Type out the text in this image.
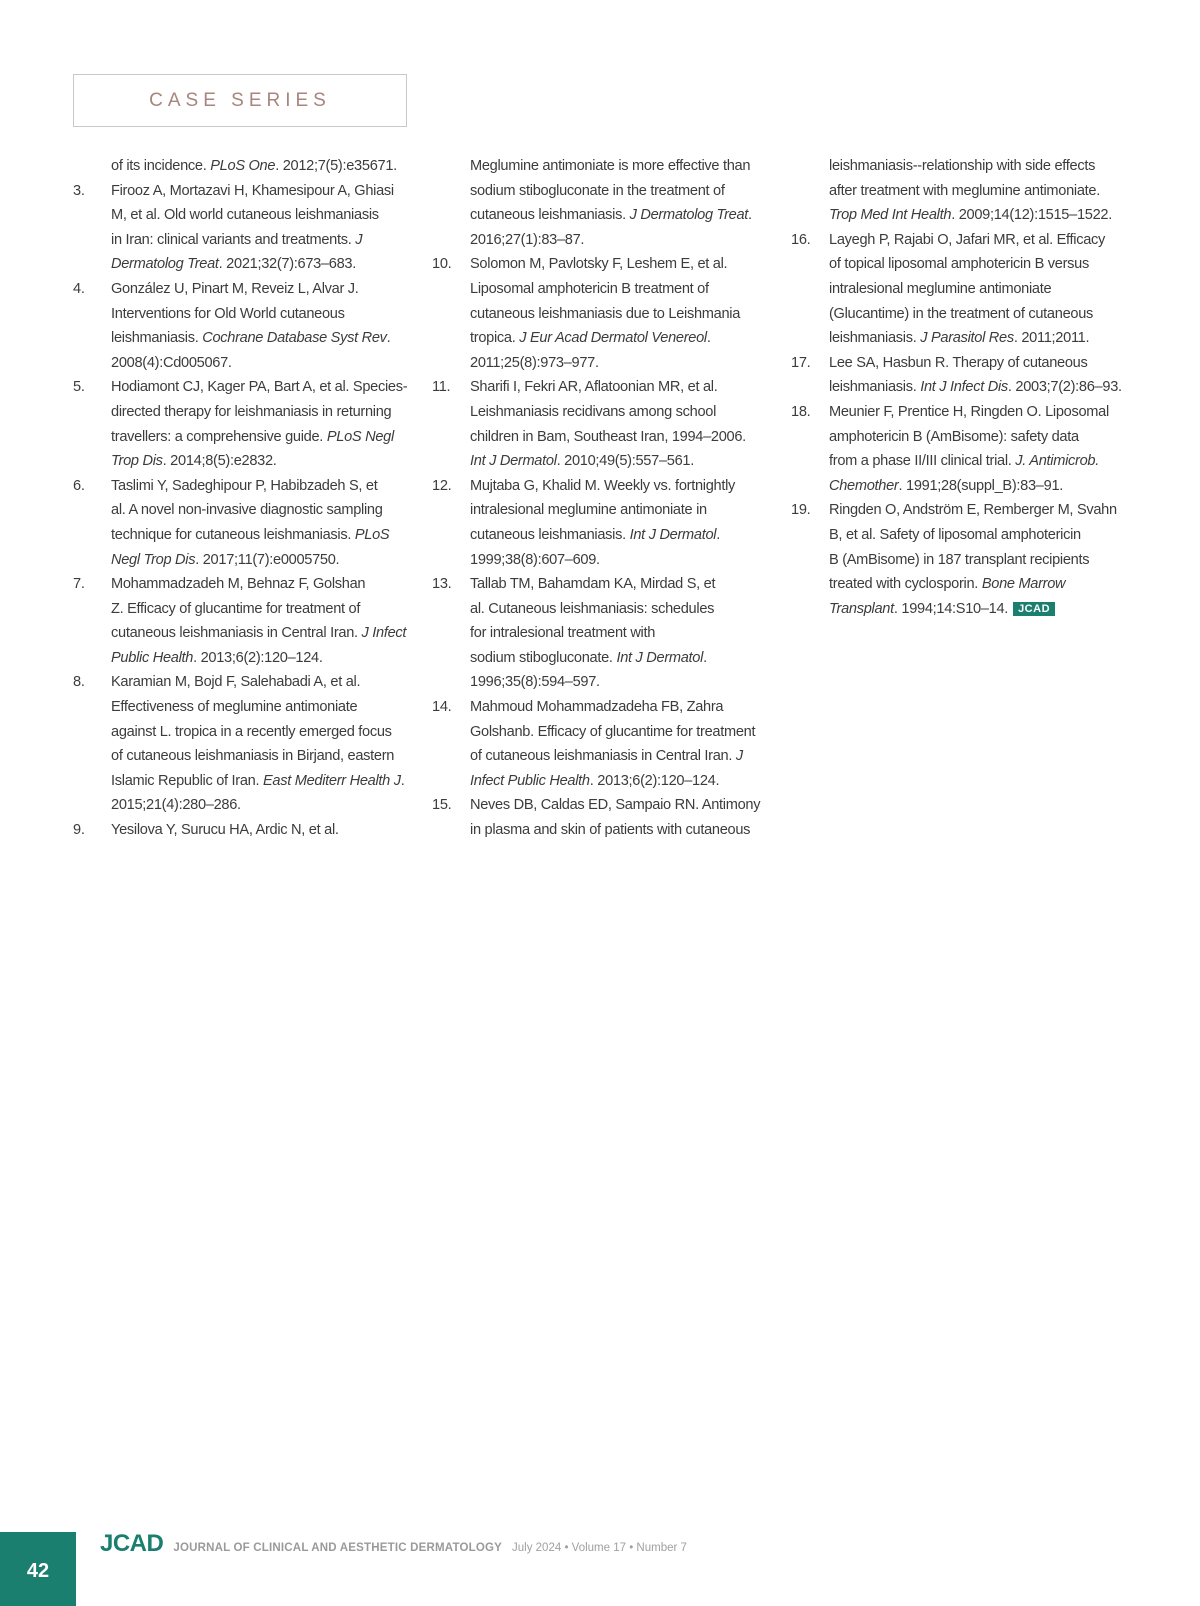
CASE SERIES
of its incidence. PLoS One. 2012;7(5):e35671.
3. Firooz A, Mortazavi H, Khamesipour A, Ghiasi
M, et al. Old world cutaneous leishmaniasis
in Iran: clinical variants and treatments. J
Dermatolog Treat. 2021;32(7):673–683.
4. González U, Pinart M, Reveiz L, Alvar J.
Interventions for Old World cutaneous
leishmaniasis. Cochrane Database Syst Rev.
2008(4):Cd005067.
5. Hodiamont CJ, Kager PA, Bart A, et al. Species-
directed therapy for leishmaniasis in returning
travellers: a comprehensive guide. PLoS Negl
Trop Dis. 2014;8(5):e2832.
6. Taslimi Y, Sadeghipour P, Habibzadeh S, et
al. A novel non-invasive diagnostic sampling
technique for cutaneous leishmaniasis. PLoS
Negl Trop Dis. 2017;11(7):e0005750.
7. Mohammadzadeh M, Behnaz F, Golshan
Z. Efficacy of glucantime for treatment of
cutaneous leishmaniasis in Central Iran. J Infect
Public Health. 2013;6(2):120–124.
8. Karamian M, Bojd F, Salehabadi A, et al.
Effectiveness of meglumine antimoniate
against L. tropica in a recently emerged focus
of cutaneous leishmaniasis in Birjand, eastern
Islamic Republic of Iran. East Mediterr Health J.
2015;21(4):280–286.
9. Yesilova Y, Surucu HA, Ardic N, et al.
Meglumine antimoniate is more effective than
sodium stibogluconate in the treatment of
cutaneous leishmaniasis. J Dermatolog Treat.
2016;27(1):83–87.
10. Solomon M, Pavlotsky F, Leshem E, et al.
Liposomal amphotericin B treatment of
cutaneous leishmaniasis due to Leishmania
tropica. J Eur Acad Dermatol Venereol.
2011;25(8):973–977.
11. Sharifi I, Fekri AR, Aflatoonian MR, et al.
Leishmaniasis recidivans among school
children in Bam, Southeast Iran, 1994–2006.
Int J Dermatol. 2010;49(5):557–561.
12. Mujtaba G, Khalid M. Weekly vs. fortnightly
intralesional meglumine antimoniate in
cutaneous leishmaniasis. Int J Dermatol.
1999;38(8):607–609.
13. Tallab TM, Bahamdam KA, Mirdad S, et
al. Cutaneous leishmaniasis: schedules
for intralesional treatment with
sodium stibogluconate. Int J Dermatol.
1996;35(8):594–597.
14. Mahmoud Mohammadzadeha FB, Zahra
Golshanb. Efficacy of glucantime for treatment
of cutaneous leishmaniasis in Central Iran. J
Infect Public Health. 2013;6(2):120–124.
15. Neves DB, Caldas ED, Sampaio RN. Antimony
in plasma and skin of patients with cutaneous
leishmaniasis--relationship with side effects
after treatment with meglumine antimoniate.
Trop Med Int Health. 2009;14(12):1515–1522.
16. Layegh P, Rajabi O, Jafari MR, et al. Efficacy
of topical liposomal amphotericin B versus
intralesional meglumine antimoniate
(Glucantime) in the treatment of cutaneous
leishmaniasis. J Parasitol Res. 2011;2011.
17. Lee SA, Hasbun R. Therapy of cutaneous
leishmaniasis. Int J Infect Dis. 2003;7(2):86–93.
18. Meunier F, Prentice H, Ringden O. Liposomal
amphotericin B (AmBisome): safety data
from a phase II/III clinical trial. J. Antimicrob.
Chemother. 1991;28(suppl_B):83–91.
19. Ringden O, Andström E, Remberger M, Svahn
B, et al. Safety of liposomal amphotericin
B (AmBisome) in 187 transplant recipients
treated with cyclosporin. Bone Marrow
Transplant. 1994;14:S10–14. JCAD
42
JCAD JOURNAL OF CLINICAL AND AESTHETIC DERMATOLOGY July 2024 • Volume 17 • Number 7
